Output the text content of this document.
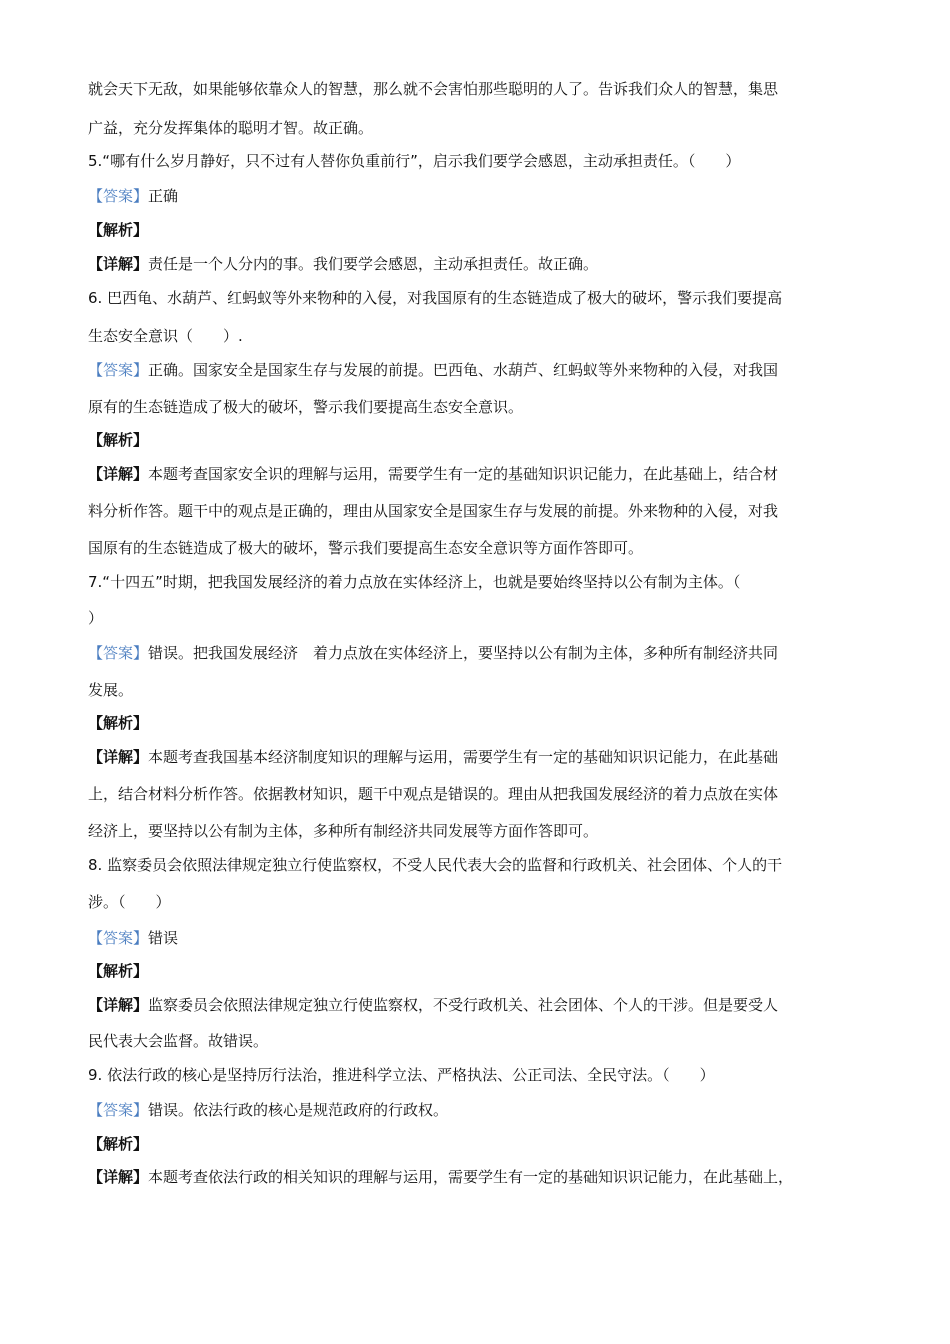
就会天下无敌，如果能够依靠众人的智慧，那么就不会害怕那些聪明的人了。告诉我们众人的智慧，集思
广益，充分发挥集体的聪明才智。故正确。
5.“哪有什么岁月静好，只不过有人替你负重前行”，启示我们要学会感恩，主动承担责任。（　　）
【答案】正确
【解析】
【详解】责任是一个人分内的事。我们要学会感恩，主动承担责任。故正确。
6. 巴西龟、水葫芦、红蚂蚁等外来物种的入侵，对我国原有的生态链造成了极大的破坏，警示我们要提高
生态安全意识（　　）.
【答案】正确。国家安全是国家生存与发展的前提。巴西龟、水葫芦、红蚂蚁等外来物种的入侵，对我国
原有的生态链造成了极大的破坏，警示我们要提高生态安全意识。
【解析】
【详解】本题考查国家安全识的理解与运用，需要学生有一定的基础知识识记能力，在此基础上，结合材
料分析作答。题干中的观点是正确的，理由从国家安全是国家生存与发展的前提。外来物种的入侵，对我
国原有的生态链造成了极大的破坏，警示我们要提高生态安全意识等方面作答即可。
7.“十四五”时期，把我国发展经济的着力点放在实体经济上，也就是要始终坚持以公有制为主体。（
）
【答案】错误。把我国发展经济　着力点放在实体经济上，要坚持以公有制为主体，多种所有制经济共同
发展。
【解析】
【详解】本题考查我国基本经济制度知识的理解与运用，需要学生有一定的基础知识识记能力，在此基础
上，结合材料分析作答。依据教材知识，题干中观点是错误的。理由从把我国发展经济的着力点放在实体
经济上，要坚持以公有制为主体，多种所有制经济共同发展等方面作答即可。
8. 监察委员会依照法律规定独立行使监察权，不受人民代表大会的监督和行政机关、社会团体、个人的干
涉。（　　）
【答案】错误
【解析】
【详解】监察委员会依照法律规定独立行使监察权，不受行政机关、社会团体、个人的干涉。但是要受人
民代表大会监督。故错误。
9. 依法行政的核心是坚持厉行法治，推进科学立法、严格执法、公正司法、全民守法。（　　）
【答案】错误。依法行政的核心是规范政府的行政权。
【解析】
【详解】本题考查依法行政的相关知识的理解与运用，需要学生有一定的基础知识识记能力，在此基础上，
